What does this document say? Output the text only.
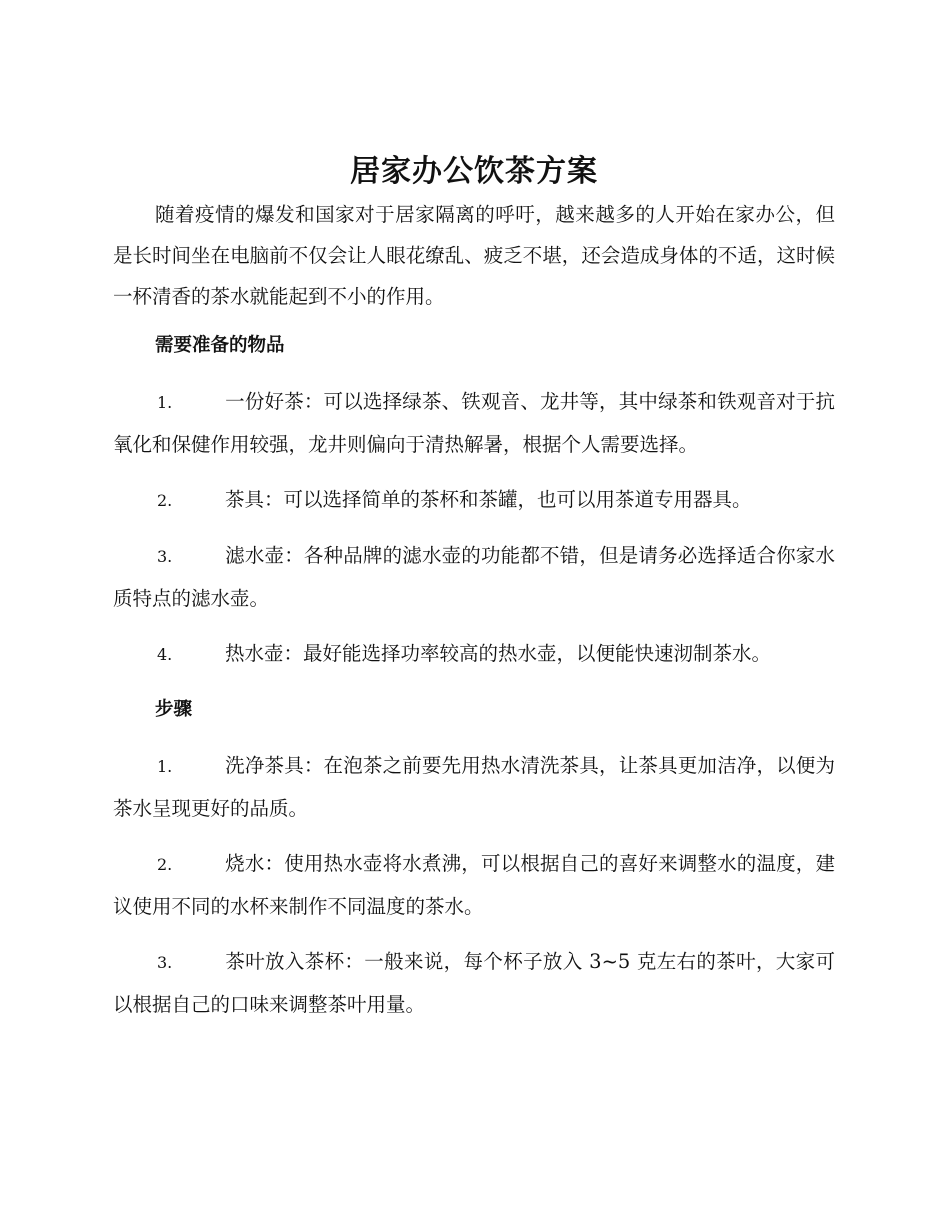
居家办公饮茶方案

随着疫情的爆发和国家对于居家隔离的呼吁，越来越多的人开始在家办公，但是长时间坐在电脑前不仅会让人眼花缭乱、疲乏不堪，还会造成身体的不适，这时候一杯清香的茶水就能起到不小的作用。

需要准备的物品
1.	一份好茶：可以选择绿茶、铁观音、龙井等，其中绿茶和铁观音对于抗氧化和保健作用较强，龙井则偏向于清热解暑，根据个人需要选择。
2.	茶具：可以选择简单的茶杯和茶罐，也可以用茶道专用器具。
3.	滤水壶：各种品牌的滤水壶的功能都不错，但是请务必选择适合你家水质特点的滤水壶。
4.	热水壶：最好能选择功率较高的热水壶，以便能快速沏制茶水。
步骤
1.	洗净茶具：在泡茶之前要先用热水清洗茶具，让茶具更加洁净，以便为茶水呈现更好的品质。
2.	烧水：使用热水壶将水煮沸，可以根据自己的喜好来调整水的温度，建议使用不同的水杯来制作不同温度的茶水。
3.	茶叶放入茶杯：一般来说，每个杯子放入 3~5 克左右的茶叶，大家可以根据自己的口味来调整茶叶用量。
